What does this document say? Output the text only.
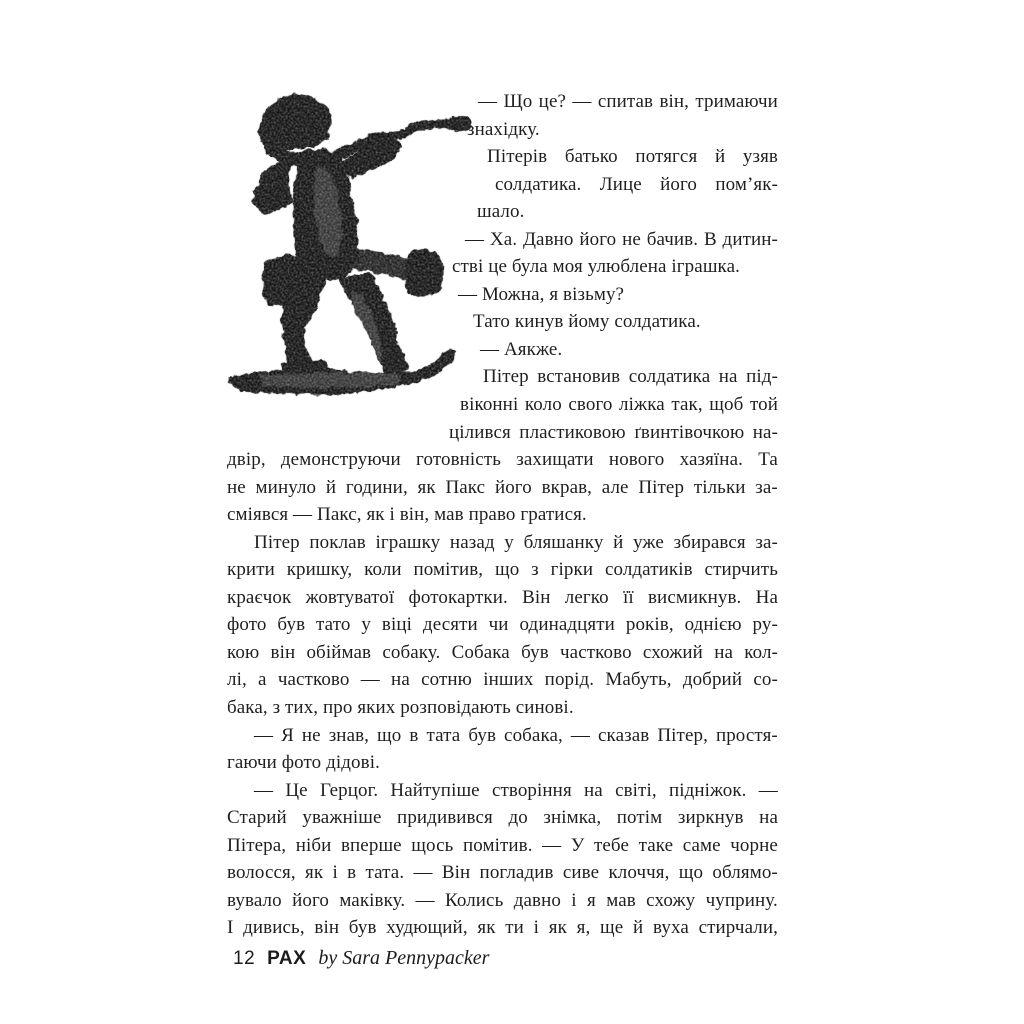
— Що це? — спитав він, тримаючи
знахідку.
Пітерів батько потягся й узяв
солдатика. Лице його пом’як-
шало.
— Ха. Давно його не бачив. В дитин-
стві це була моя улюблена іграшка.
— Можна, я візьму?
Тато кинув йому солдатика.
— Аякже.
Пітер встановив солдатика на під-
віконні коло свого ліжка так, щоб той
цілився пластиковою ґвинтівочкою на-
двір, демонструючи готовність захищати нового хазяїна. Та
не минуло й години, як Пакс його вкрав, але Пітер тільки за-
сміявся — Пакс, як і він, мав право гратися.
Пітер поклав іграшку назад у бляшанку й уже збирався за-
крити кришку, коли помітив, що з гірки солдатиків стирчить
краєчок жовтуватої фотокартки. Він легко її висмикнув. На
фото був тато у віці десяти чи одинадцяти років, однією ру-
кою він обіймав собаку. Собака був частково схожий на кол-
лі, а частково — на сотню інших порід. Мабуть, добрий со-
бака, з тих, про яких розповідають синові.
— Я не знав, що в тата був собака, — сказав Пітер, простя-
гаючи фото дідові.
— Це Герцог. Найтупіше створіння на світі, підніжок. —
Старий уважніше придивився до знімка, потім зиркнув на
Пітера, ніби вперше щось помітив. — У тебе таке саме чорне
волосся, як і в тата. — Він погладив сиве клоччя, що облямо-
вувало його маківку. — Колись давно і я мав схожу чуприну.
І дивись, він був худющий, як ти і як я, ще й вуха стирчали,
12 PAX by Sara Pennypacker
